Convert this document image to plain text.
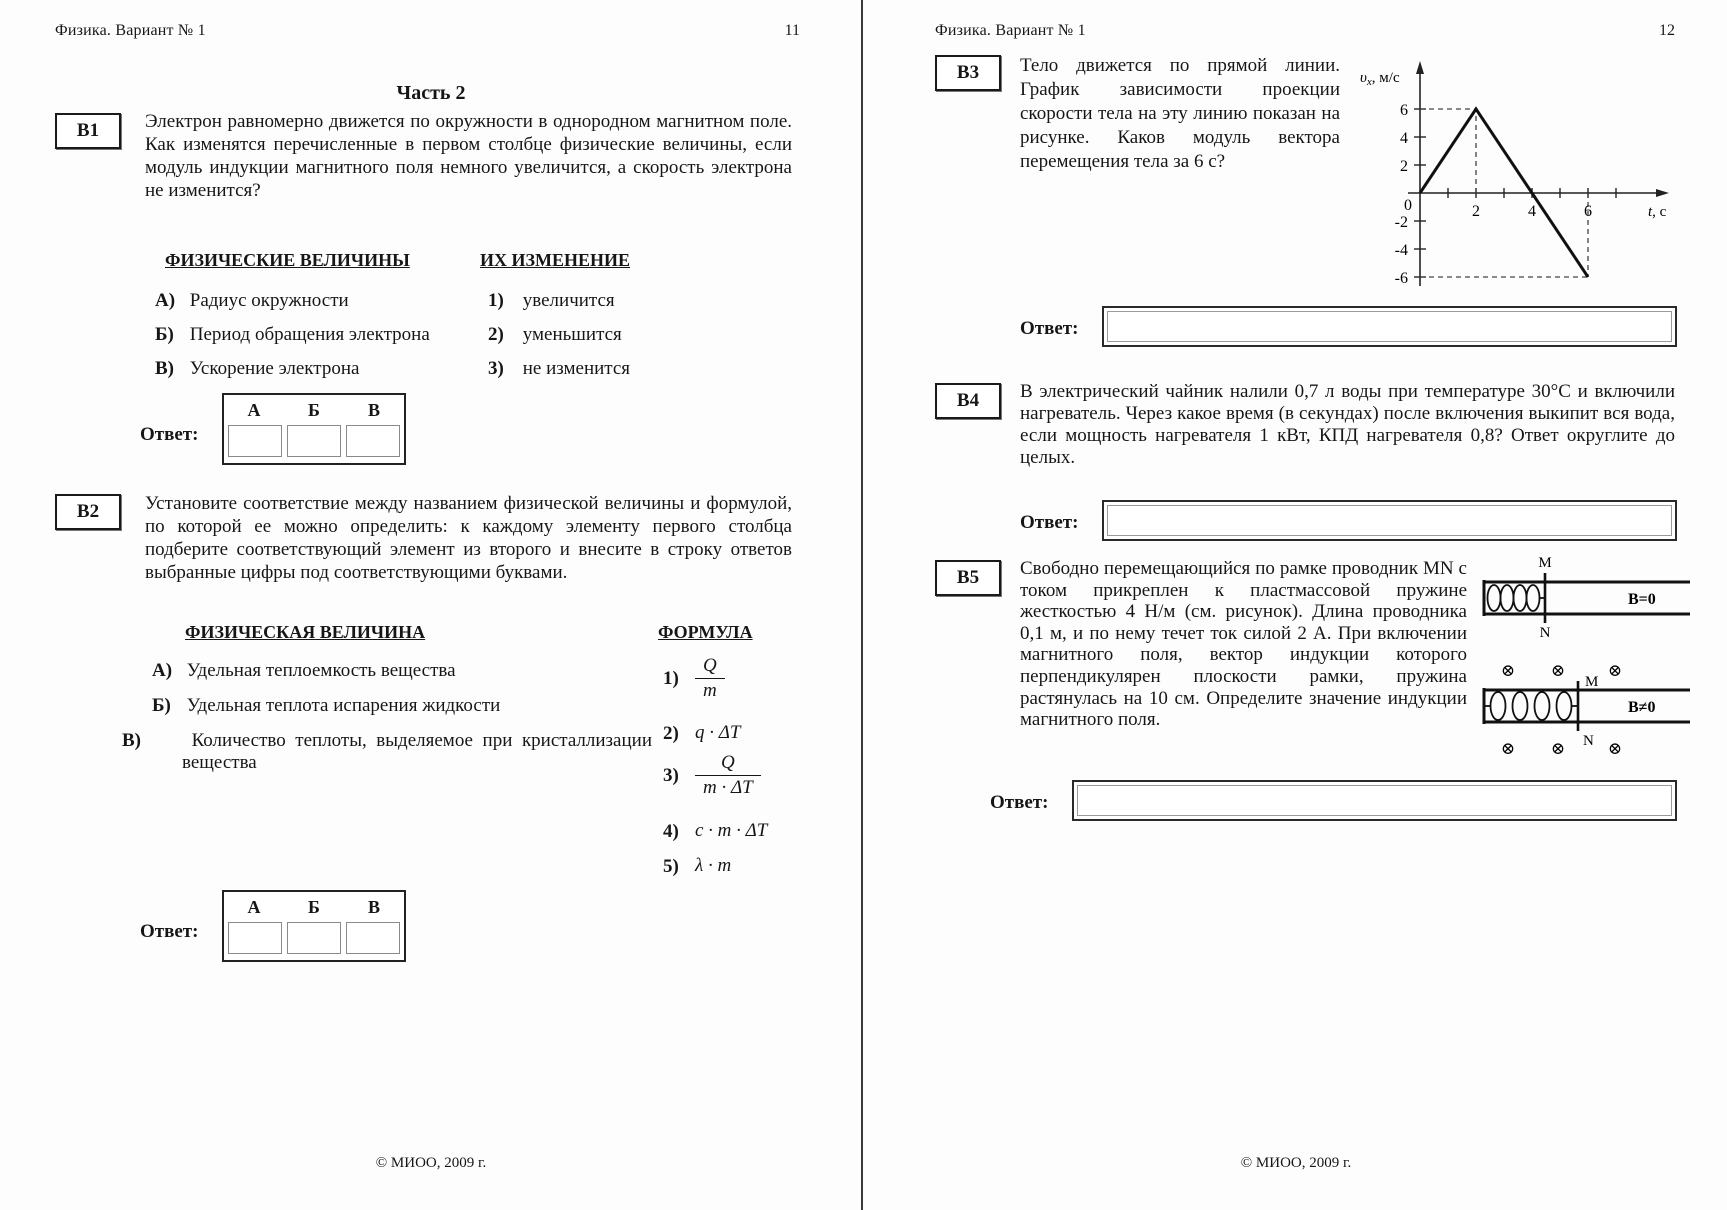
Физика. Вариант № 1	11
Часть 2
В1	Электрон равномерно движется по окружности в однородном магнитном поле. Как изменятся перечисленные в первом столбце физические величины, если модуль индукции магнитного поля немного увеличится, а скорость электрона не изменится?
ФИЗИЧЕСКИЕ ВЕЛИЧИНЫ	ИХ ИЗМЕНЕНИЕ
А) Радиус окружности
Б) Период обращения электрона
В) Ускорение электрона
1) увеличится
2) уменьшится
3) не изменится
Ответ:
А	Б	В
В2	Установите соответствие между названием физической величины и формулой, по которой ее можно определить: к каждому элементу первого столбца подберите соответствующий элемент из второго и внесите в строку ответов выбранные цифры под соответствующими буквами.
ФИЗИЧЕСКАЯ ВЕЛИЧИНА	ФОРМУЛА
А) Удельная теплоемкость вещества
Б) Удельная теплота испарения жидкости
В)	Количество теплоты, выделяемое при кристаллизации вещества
$1) \frac{Q}{m}$
2) q · ΔT
$3) \frac{Q}{m \cdot \Delta T}$
4) c · m · ΔT
5) λ · m
Ответ:
А	Б	В
© МИОО, 2009 г.
Физика. Вариант № 1	12
В3	Тело движется по прямой линии. График зависимости проекции скорости тела на эту линию показан на рисунке. Каков модуль вектора перемещения тела за 6 с?
6
4
2
0
-2
-4
-6
2	4	6
$\upsilon_x$, м/с
t, с
Ответ:
В4	В электрический чайник налили 0,7 л воды при температуре 30°С и включили нагреватель. Через какое время (в секундах) после включения выкипит вся вода, если мощность нагревателя 1 кВт, КПД нагревателя 0,8? Ответ округлите до целых.
Ответ:
В5	Свободно перемещающийся по рамке проводник MN с током прикреплен к пластмассовой пружине жесткостью 4 Н/м (см. рисунок). Длина проводника 0,1 м, и по нему течет ток силой 2 А. При включении магнитного поля, вектор индукции которого перпендикулярен плоскости рамки, пружина растянулась на 10 см. Определите значение индукции магнитного поля.
M
N
B=0
⊗ ⊗	⊗
M
N
B≠0
⊗ ⊗	⊗
Ответ:
© МИОО, 2009 г.
